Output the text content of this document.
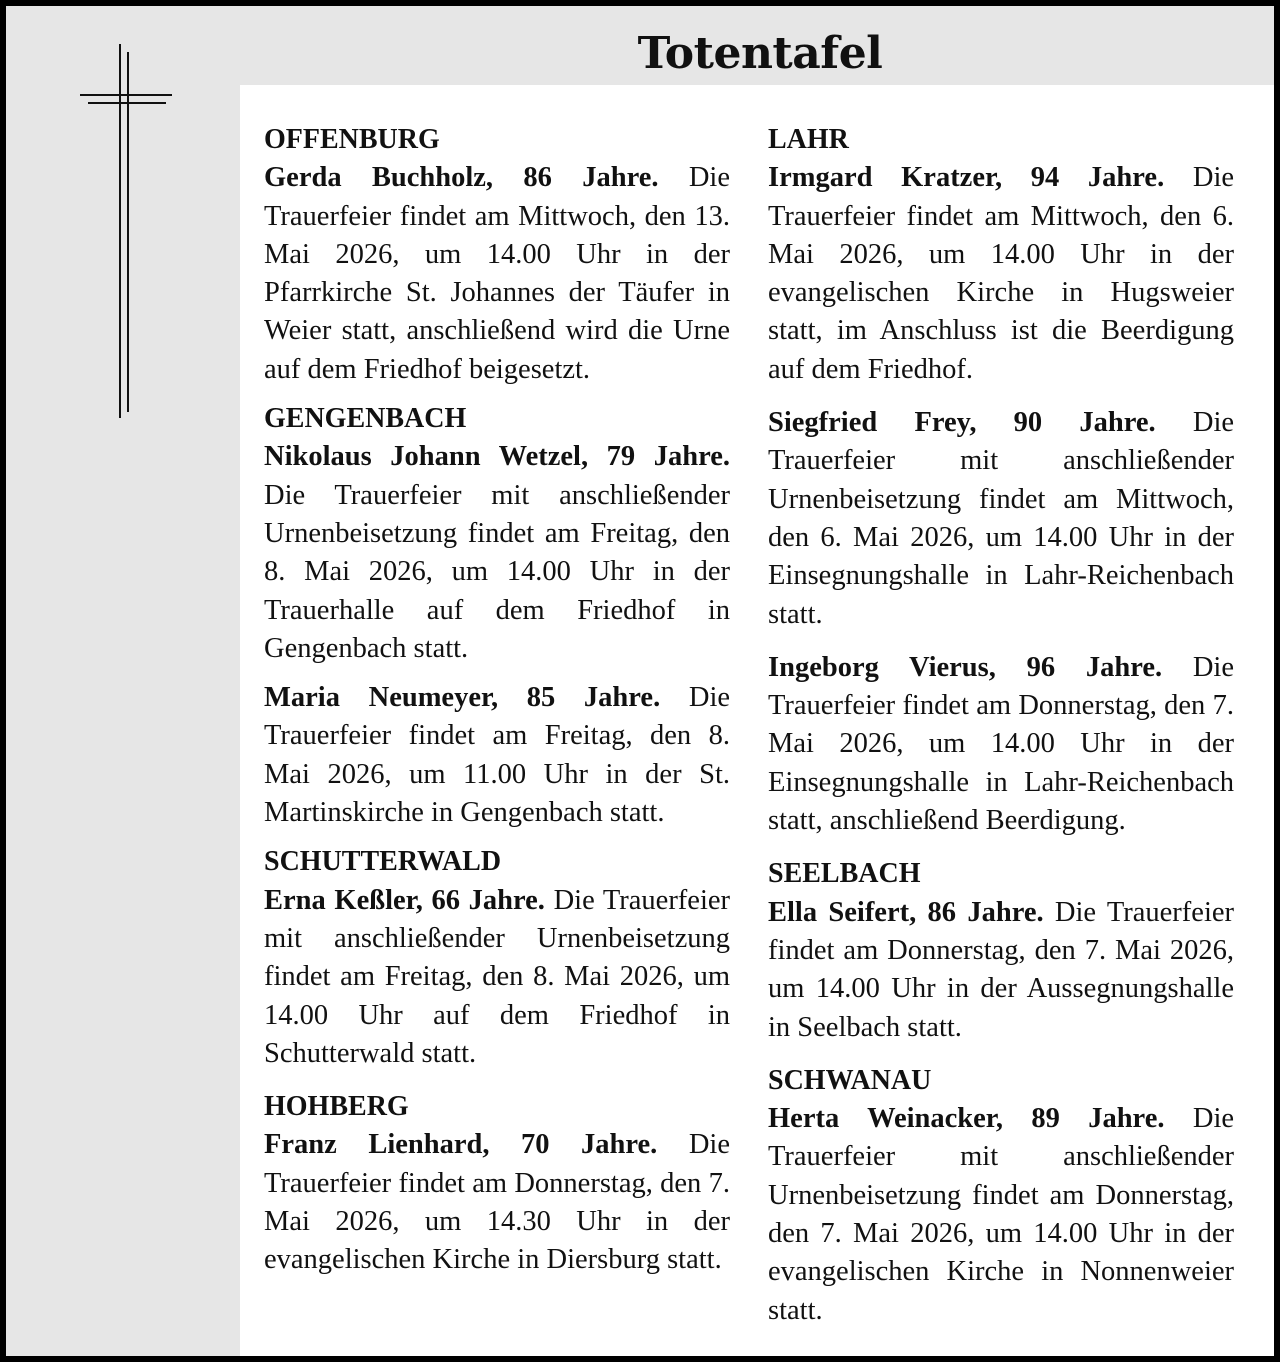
Totentafel
OFFENBURG

Gerda Buchholz, 86 Jahre. Die Trauerfeier findet am Mittwoch, den 13. Mai 2026, um 14.00 Uhr in der Pfarrkirche St. Johannes der Täufer in Weier statt, anschließend wird die Urne auf dem Friedhof beigesetzt.

GENGENBACH

Nikolaus Johann Wetzel, 79 Jahre. Die Trauerfeier mit anschließender Urnenbeisetzung findet am Freitag, den 8. Mai 2026, um 14.00 Uhr in der Trauerhalle auf dem Friedhof in Gengenbach statt.

Maria Neumeyer, 85 Jahre. Die Trauerfeier findet am Freitag, den 8. Mai 2026, um 11.00 Uhr in der St. Martinskirche in Gengenbach statt.

SCHUTTERWALD

Erna Keßler, 66 Jahre. Die Trauerfeier mit anschließender Urnenbeisetzung findet am Freitag, den 8. Mai 2026, um 14.00 Uhr auf dem Friedhof in Schutterwald statt.

HOHBERG

Franz Lienhard, 70 Jahre. Die Trauerfeier findet am Donnerstag, den 7. Mai 2026, um 14.30 Uhr in der evangelischen Kirche in Diersburg statt.

LAHR

Irmgard Kratzer, 94 Jahre. Die Trauerfeier findet am Mittwoch, den 6. Mai 2026, um 14.00 Uhr in der evangelischen Kirche in Hugsweier statt, im Anschluss ist die Beerdigung auf dem Friedhof.

Siegfried Frey, 90 Jahre. Die Trauerfeier mit anschließender Urnenbeisetzung findet am Mittwoch, den 6. Mai 2026, um 14.00 Uhr in der Einsegnungshalle in Lahr-Reichenbach statt.

Ingeborg Vierus, 96 Jahre. Die Trauerfeier findet am Donnerstag, den 7. Mai 2026, um 14.00 Uhr in der Einsegnungshalle in Lahr-Reichenbach statt, anschließend Beerdigung.

SEELBACH

Ella Seifert, 86 Jahre. Die Trauerfeier findet am Donnerstag, den 7. Mai 2026, um 14.00 Uhr in der Aussegnungshalle in Seelbach statt.

SCHWANAU

Herta Weinacker, 89 Jahre. Die Trauerfeier mit anschließender Urnenbeisetzung findet am Donnerstag, den 7. Mai 2026, um 14.00 Uhr in der evangelischen Kirche in Nonnenweier statt.
